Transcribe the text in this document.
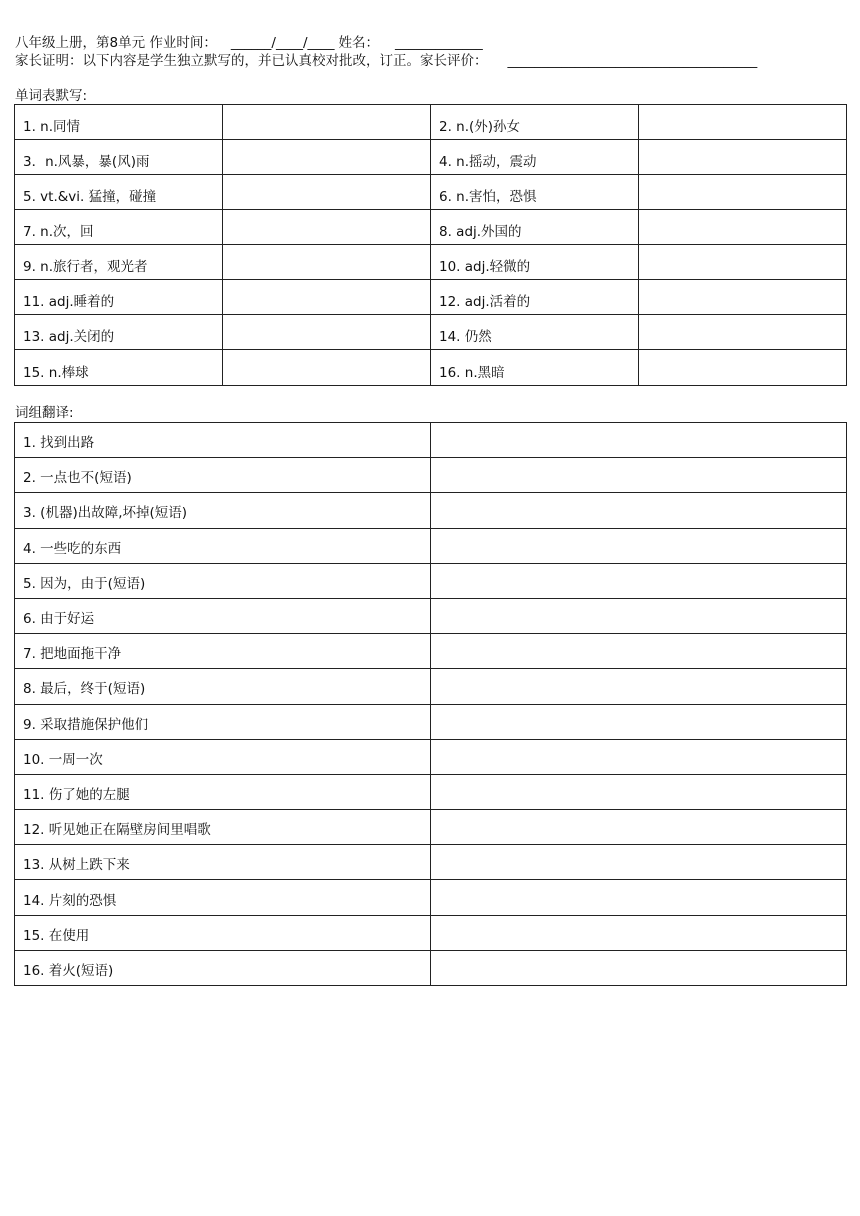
八年级上册，第8单元 作业时间： ______/____/____ 姓名： _____________
家长证明：以下内容是学生独立默写的，并已认真校对批改，订正。家长评价： _____________________________________
单词表默写:
1. n.同情		2. n.(外)孙女	
3．n.风暴，暴(风)雨		4. n.摇动，震动	
5. vt.&vi. 猛撞，碰撞		6. n.害怕，恐惧	
7. n.次，回		8. adj.外国的	
9. n.旅行者，观光者		10. adj.轻微的	
11. adj.睡着的		12. adj.活着的	
13. adj.关闭的		14. 仍然	
15. n.棒球		16. n.黑暗	
词组翻译:
1. 找到出路	
2. 一点也不(短语)	
3. (机器)出故障,坏掉(短语)	
4. 一些吃的东西	
5. 因为，由于(短语)	
6. 由于好运	
7. 把地面拖干净	
8. 最后，终于(短语)	
9. 采取措施保护他们	
10. 一周一次	
11. 伤了她的左腿	
12. 听见她正在隔壁房间里唱歌	
13. 从树上跌下来	
14. 片刻的恐惧	
15. 在使用	
16. 着火(短语)	
